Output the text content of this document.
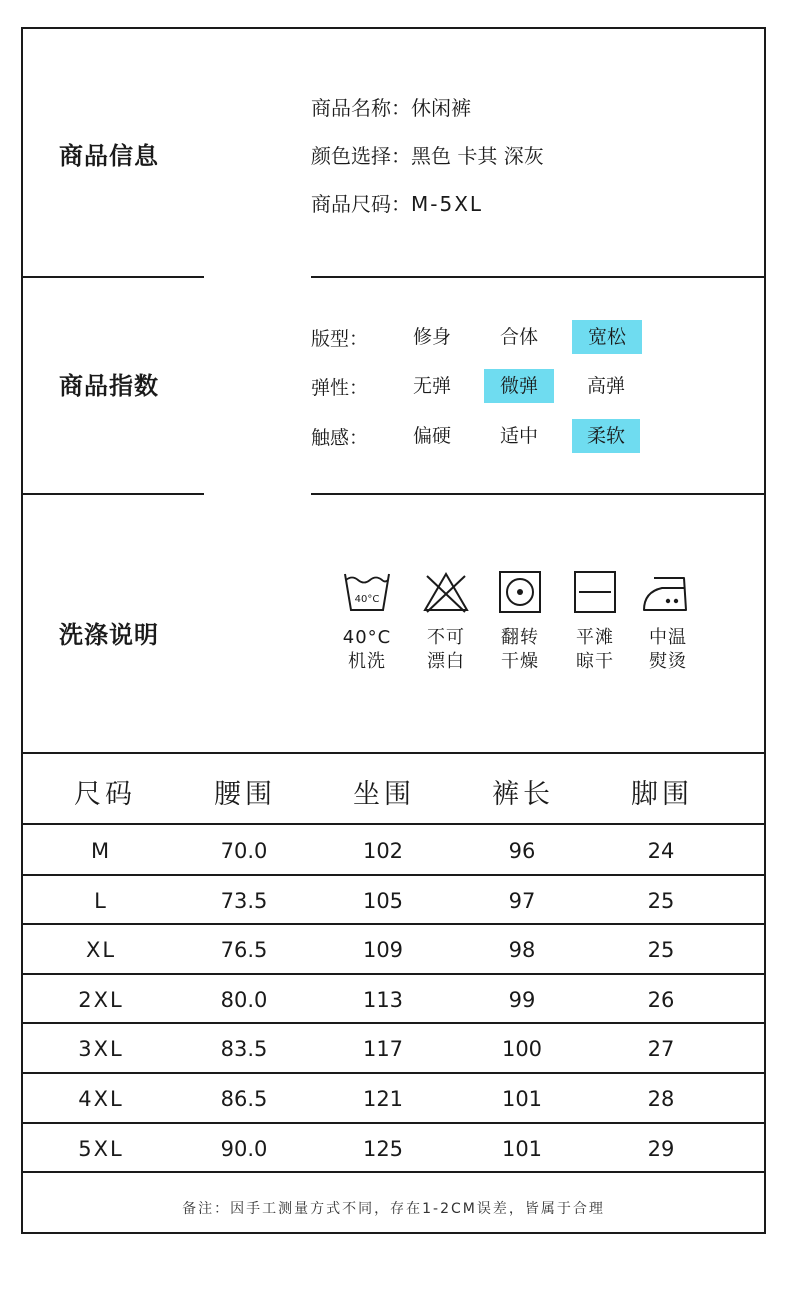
商品信息
商品名称：休闲裤
颜色选择：黑色 卡其 深灰
商品尺码：M-5XL
商品指数
版型：	修身	合体	宽松
弹性：	无弹	微弹	高弹
触感：	偏硬	适中	柔软
洗涤说明
40°C
40°C
机洗
不可
漂白
翻转
干燥
平滩
晾干
中温
熨烫
尺码	腰围	坐围	裤长	脚围
M	70.0	102	96	24
L	73.5	105	97	25
XL	76.5	109	98	25
2XL	80.0	113	99	26
3XL	83.5	117	100	27
4XL	86.5	121	101	28
5XL	90.0	125	101	29
备注：因手工测量方式不同，存在1-2CM误差，皆属于合理
